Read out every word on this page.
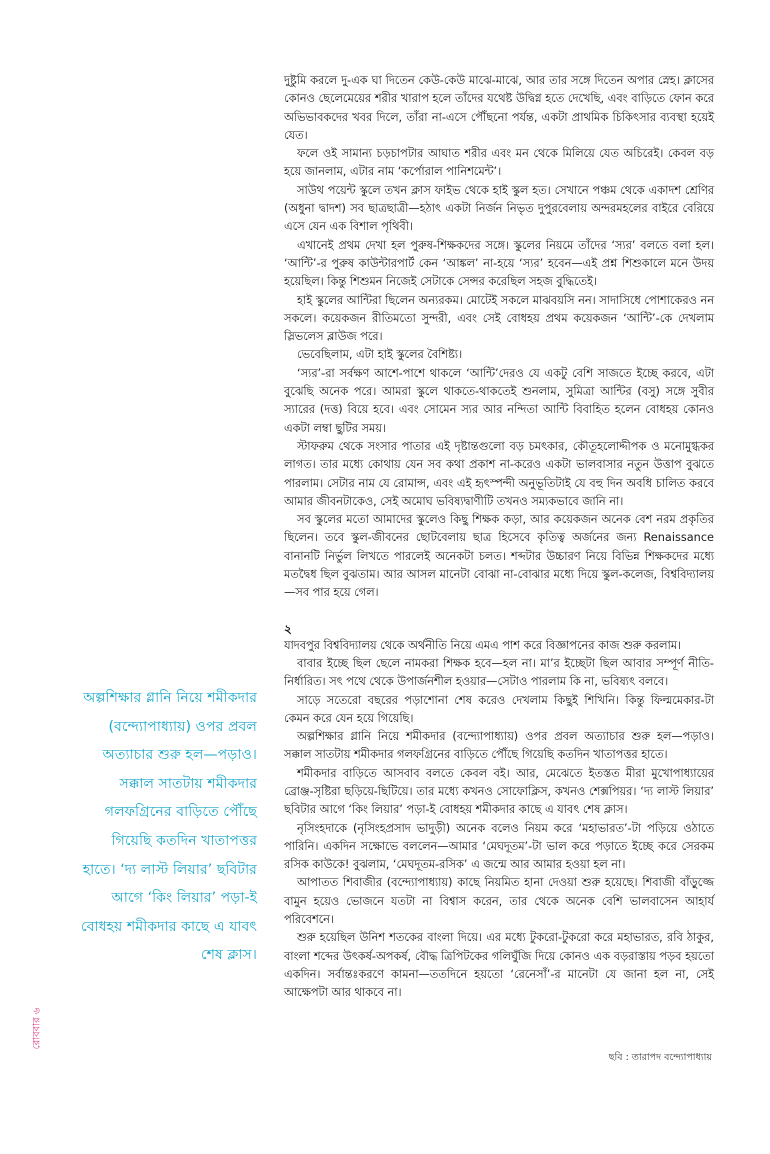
দুষ্টুমি করলে দু-এক ঘা দিতেন কেউ-কেউ মাঝে-মাঝে, আর তার সঙ্গে দিতেন অপার স্নেহ। ক্লাসের কোনও ছেলেমেয়ের শরীর খারাপ হলে তাঁদের যথেষ্ট উদ্বিগ্ন হতে দেখেছি, এবং বাড়িতে ফোন করে অভিভাবকদের খবর দিলে, তাঁরা না-এসে পৌঁছনো পর্যন্ত, একটা প্রাথমিক চিকিৎসার ব্যবস্থা হয়েই যেত।

ফলে ওই সামান্য চড়চাপটার আঘাত শরীর এবং মন থেকে মিলিয়ে যেত অচিরেই। কেবল বড় হয়ে জানলাম, এটার নাম ‘কর্পোরাল পানিশমেন্ট’।

সাউথ পয়েন্ট স্কুলে তখন ক্লাস ফাইভ থেকে হাই স্কুল হত। সেখানে পঞ্চম থেকে একাদশ শ্রেণির (অধুনা দ্বাদশ) সব ছাত্রছাত্রী—হঠাৎ একটা নির্জন নিভৃত দুপুরবেলায় অন্দরমহলের বাইরে বেরিয়ে এসে যেন এক বিশাল পৃথিবী।

এখানেই প্রথম দেখা হল পুরুষ-শিক্ষকদের সঙ্গে। স্কুলের নিয়মে তাঁদের ‘স্যর’ বলতে বলা হল। ‘আন্টি’-র পুরুষ কাউন্টারপার্ট কেন ‘আঙ্কল’ না-হয়ে ‘স্যর’ হবেন—এই প্রশ্ন শিশুকালে মনে উদয় হয়েছিল। কিন্তু শিশুমন নিজেই সেটাকে সেন্সর করেছিল সহজ বুদ্ধিতেই।

হাই স্কুলের আন্টিরা ছিলেন অন্যরকম। মোটেই সকলে মাঝবয়সি নন। সাদাসিধে পোশাকেরও নন সকলে। কয়েকজন রীতিমতো সুন্দরী, এবং সেই বোধহয় প্রথম কয়েকজন ‘আন্টি’-কে দেখলাম স্লিভলেস ব্লাউজ পরে।

ভেবেছিলাম, এটা হাই স্কুলের বৈশিষ্ট্য।

‘স্যর’-রা সর্বক্ষণ আশে-পাশে থাকলে ‘আন্টি’দেরও যে একটু বেশি সাজতে ইচ্ছে করবে, এটা বুঝেছি অনেক পরে। আমরা স্কুলে থাকতে-থাকতেই শুনলাম, সুমিত্রা আন্টির (বসু) সঙ্গে সুবীর স্যারের (দত্ত) বিয়ে হবে। এবং সোমেন স্যর আর নন্দিতা আন্টি বিবাহিত হলেন বোধহয় কোনও একটা লম্বা ছুটির সময়।

স্টাফরুম থেকে সংসার পাতার এই দৃষ্টান্তগুলো বড় চমৎকার, কৌতূহলোদ্দীপক ও মনোমুগ্ধকর লাগত। তার মধ্যে কোথায় যেন সব কথা প্রকাশ না-করেও একটা ভালবাসার নতুন উত্তাপ বুঝতে পারলাম। সেটার নাম যে রোমান্স, এবং এই হৃৎস্পন্দী অনুভূতিটাই যে বহু দিন অবধি চালিত করবে আমার জীবনটাকেও, সেই অমোঘ ভবিষ্যদ্বাণীটি তখনও সম্যকভাবে জানি না।

সব স্কুলের মতো আমাদের স্কুলেও কিছু শিক্ষক কড়া, আর কয়েকজন অনেক বেশ নরম প্রকৃতির ছিলেন। তবে স্কুল-জীবনের ছোটবেলায় ছাত্র হিসেবে কৃতিত্ব অর্জনের জন্য Renaissance বানানটি নির্ভুল লিখতে পারলেই অনেকটা চলত। শব্দটার উচ্চারণ নিয়ে বিভিন্ন শিক্ষকদের মধ্যে মতদ্বৈধ ছিল বুঝতাম। আর আসল মানেটা বোঝা না-বোঝার মধ্যে দিয়ে স্কুল-কলেজ, বিশ্ববিদ্যালয়—সব পার হয়ে গেল।

২

যাদবপুর বিশ্ববিদ্যালয় থেকে অর্থনীতি নিয়ে এমএ পাশ করে বিজ্ঞাপনের কাজ শুরু করলাম।

বাবার ইচ্ছে ছিল ছেলে নামকরা শিক্ষক হবে—হল না। মা’র ইচ্ছেটা ছিল আবার সম্পূর্ণ নীতি-নির্ধারিত। সৎ পথে থেকে উপার্জনশীল হওয়ার—সেটাও পারলাম কি না, ভবিষ্যৎ বলবে।

সাড়ে সতেরো বছরের পড়াশোনা শেষ করেও দেখলাম কিছুই শিখিনি। কিন্তু ফিল্মমেকার-টা কেমন করে যেন হয়ে গিয়েছি।

অল্পশিক্ষার গ্লানি নিয়ে শমীকদার (বন্দ্যোপাধ্যায়) ওপর প্রবল অত্যাচার শুরু হল—পড়াও। সক্কাল সাতটায় শমীকদার গলফগ্রিনের বাড়িতে পৌঁছে গিয়েছি কতদিন খাতাপত্তর হাতে।

শমীকদার বাড়িতে আসবাব বলতে কেবল বই। আর, মেঝেতে ইতস্তত মীরা মুখোপাধ্যায়ের ব্রোঞ্জ-সৃষ্টিরা ছড়িয়ে-ছিটিয়ে। তার মধ্যে কখনও সোফোক্লিস, কখনও শেক্সপিয়র। ‘দ্য লাস্ট লিয়ার’ ছবিটার আগে ‘কিং লিয়ার’ পড়া-ই বোধহয় শমীকদার কাছে এ যাবৎ শেষ ক্লাস।

নৃসিংহদাকে (নৃসিংহপ্রসাদ ভাদুড়ী) অনেক বলেও নিয়ম করে ‘মহাভারত’-টা পড়িয়ে ওঠাতে পারিনি। একদিন সক্ষোভে বললেন—আমার ‘মেঘদূতম’-টা ভাল করে পড়াতে ইচ্ছে করে সেরকম রসিক কাউকে! বুঝলাম, ‘মেঘদূতম-রসিক’ এ জন্মে আর আমার হওয়া হল না।

আপাতত শিবাজীর (বন্দ্যোপাধ্যায়) কাছে নিয়মিত হানা দেওয়া শুরু হয়েছে। শিবাজী বাঁড়ুজ্জে বামুন হয়েও ভোজনে যতটা না বিশ্বাস করেন, তার থেকে অনেক বেশি ভালবাসেন আহার্য পরিবেশনে।

শুরু হয়েছিল উনিশ শতকের বাংলা দিয়ে। এর মধ্যে টুকরো-টুকরো করে মহাভারত, রবি ঠাকুর, বাংলা শব্দের উৎকর্ষ-অপকর্ষ, বৌদ্ধ ত্রিপিটকের গলিঘুঁজি দিয়ে কোনও এক বড়রাস্তায় পড়ব হয়তো একদিন। সর্বান্তঃকরণে কামনা—ততদিনে হয়তো ‘রেনেসাঁ’-র মানেটা যে জানা হল না, সেই আক্ষেপটা আর থাকবে না।

অল্পশিক্ষার গ্লানি নিয়ে শমীকদার (বন্দ্যোপাধ্যায়) ওপর প্রবল অত্যাচার শুরু হল—পড়াও। সক্কাল সাতটায় শমীকদার গলফগ্রিনের বাড়িতে পৌঁছে গিয়েছি কতদিন খাতাপত্তর হাতে। ‘দ্য লাস্ট লিয়ার’ ছবিটার আগে ‘কিং লিয়ার’ পড়া-ই বোধহয় শমীকদার কাছে এ যাবৎ শেষ ক্লাস।
ছবি : তারাপদ বন্দ্যোপাধ্যায়
রোববার ৬
